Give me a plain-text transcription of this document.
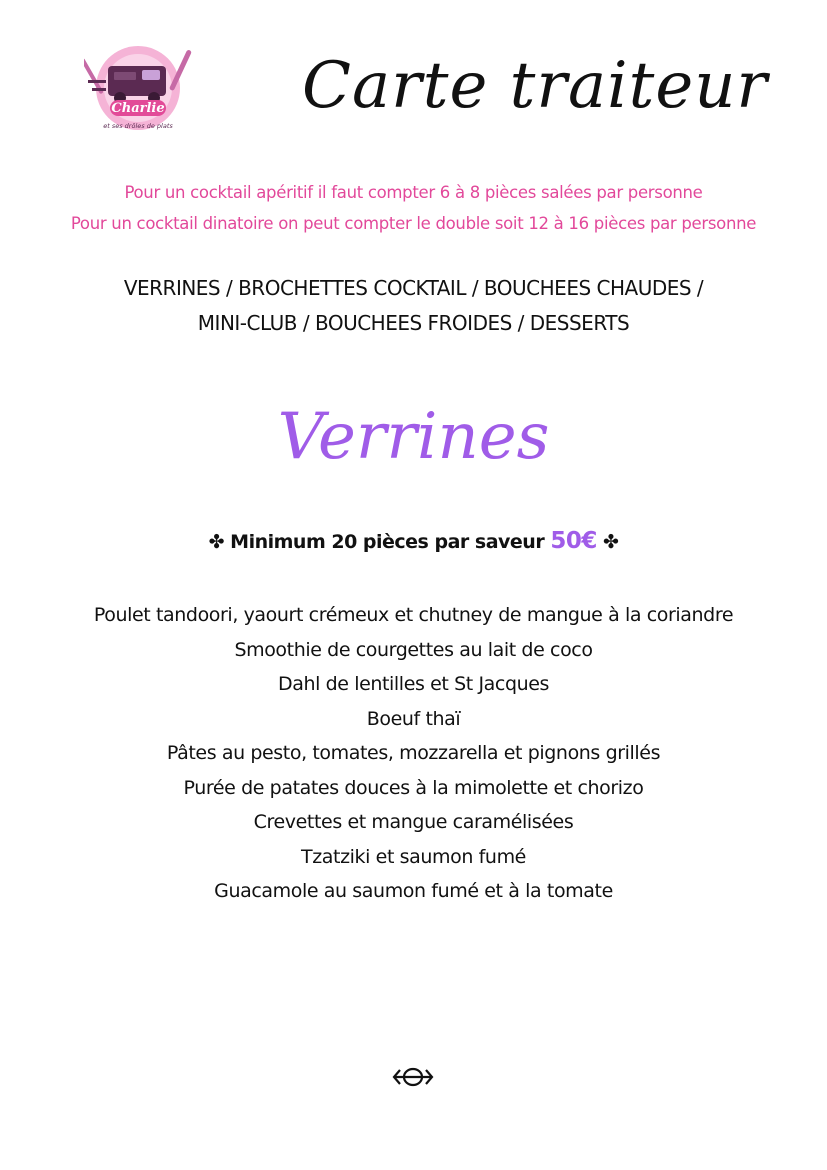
Charlie
et ses drôles de plats
Carte traiteur
Pour un cocktail apéritif il faut compter 6 à 8 pièces salées par personne
Pour un cocktail dinatoire on peut compter le double soit 12 à 16 pièces par personne
VERRINES / BROCHETTES COCKTAIL / BOUCHEES CHAUDES /
MINI-CLUB / BOUCHEES FROIDES / DESSERTS
Verrines
✤ Minimum 20 pièces par saveur 50€ ✤
Poulet tandoori, yaourt crémeux et chutney de mangue à la coriandre
Smoothie de courgettes au lait de coco
Dahl de lentilles et St Jacques
Boeuf thaï
Pâtes au pesto, tomates, mozzarella et pignons grillés
Purée de patates douces à la mimolette et chorizo
Crevettes et mangue caramélisées
Tzatziki et saumon fumé
Guacamole au saumon fumé et à la tomate
